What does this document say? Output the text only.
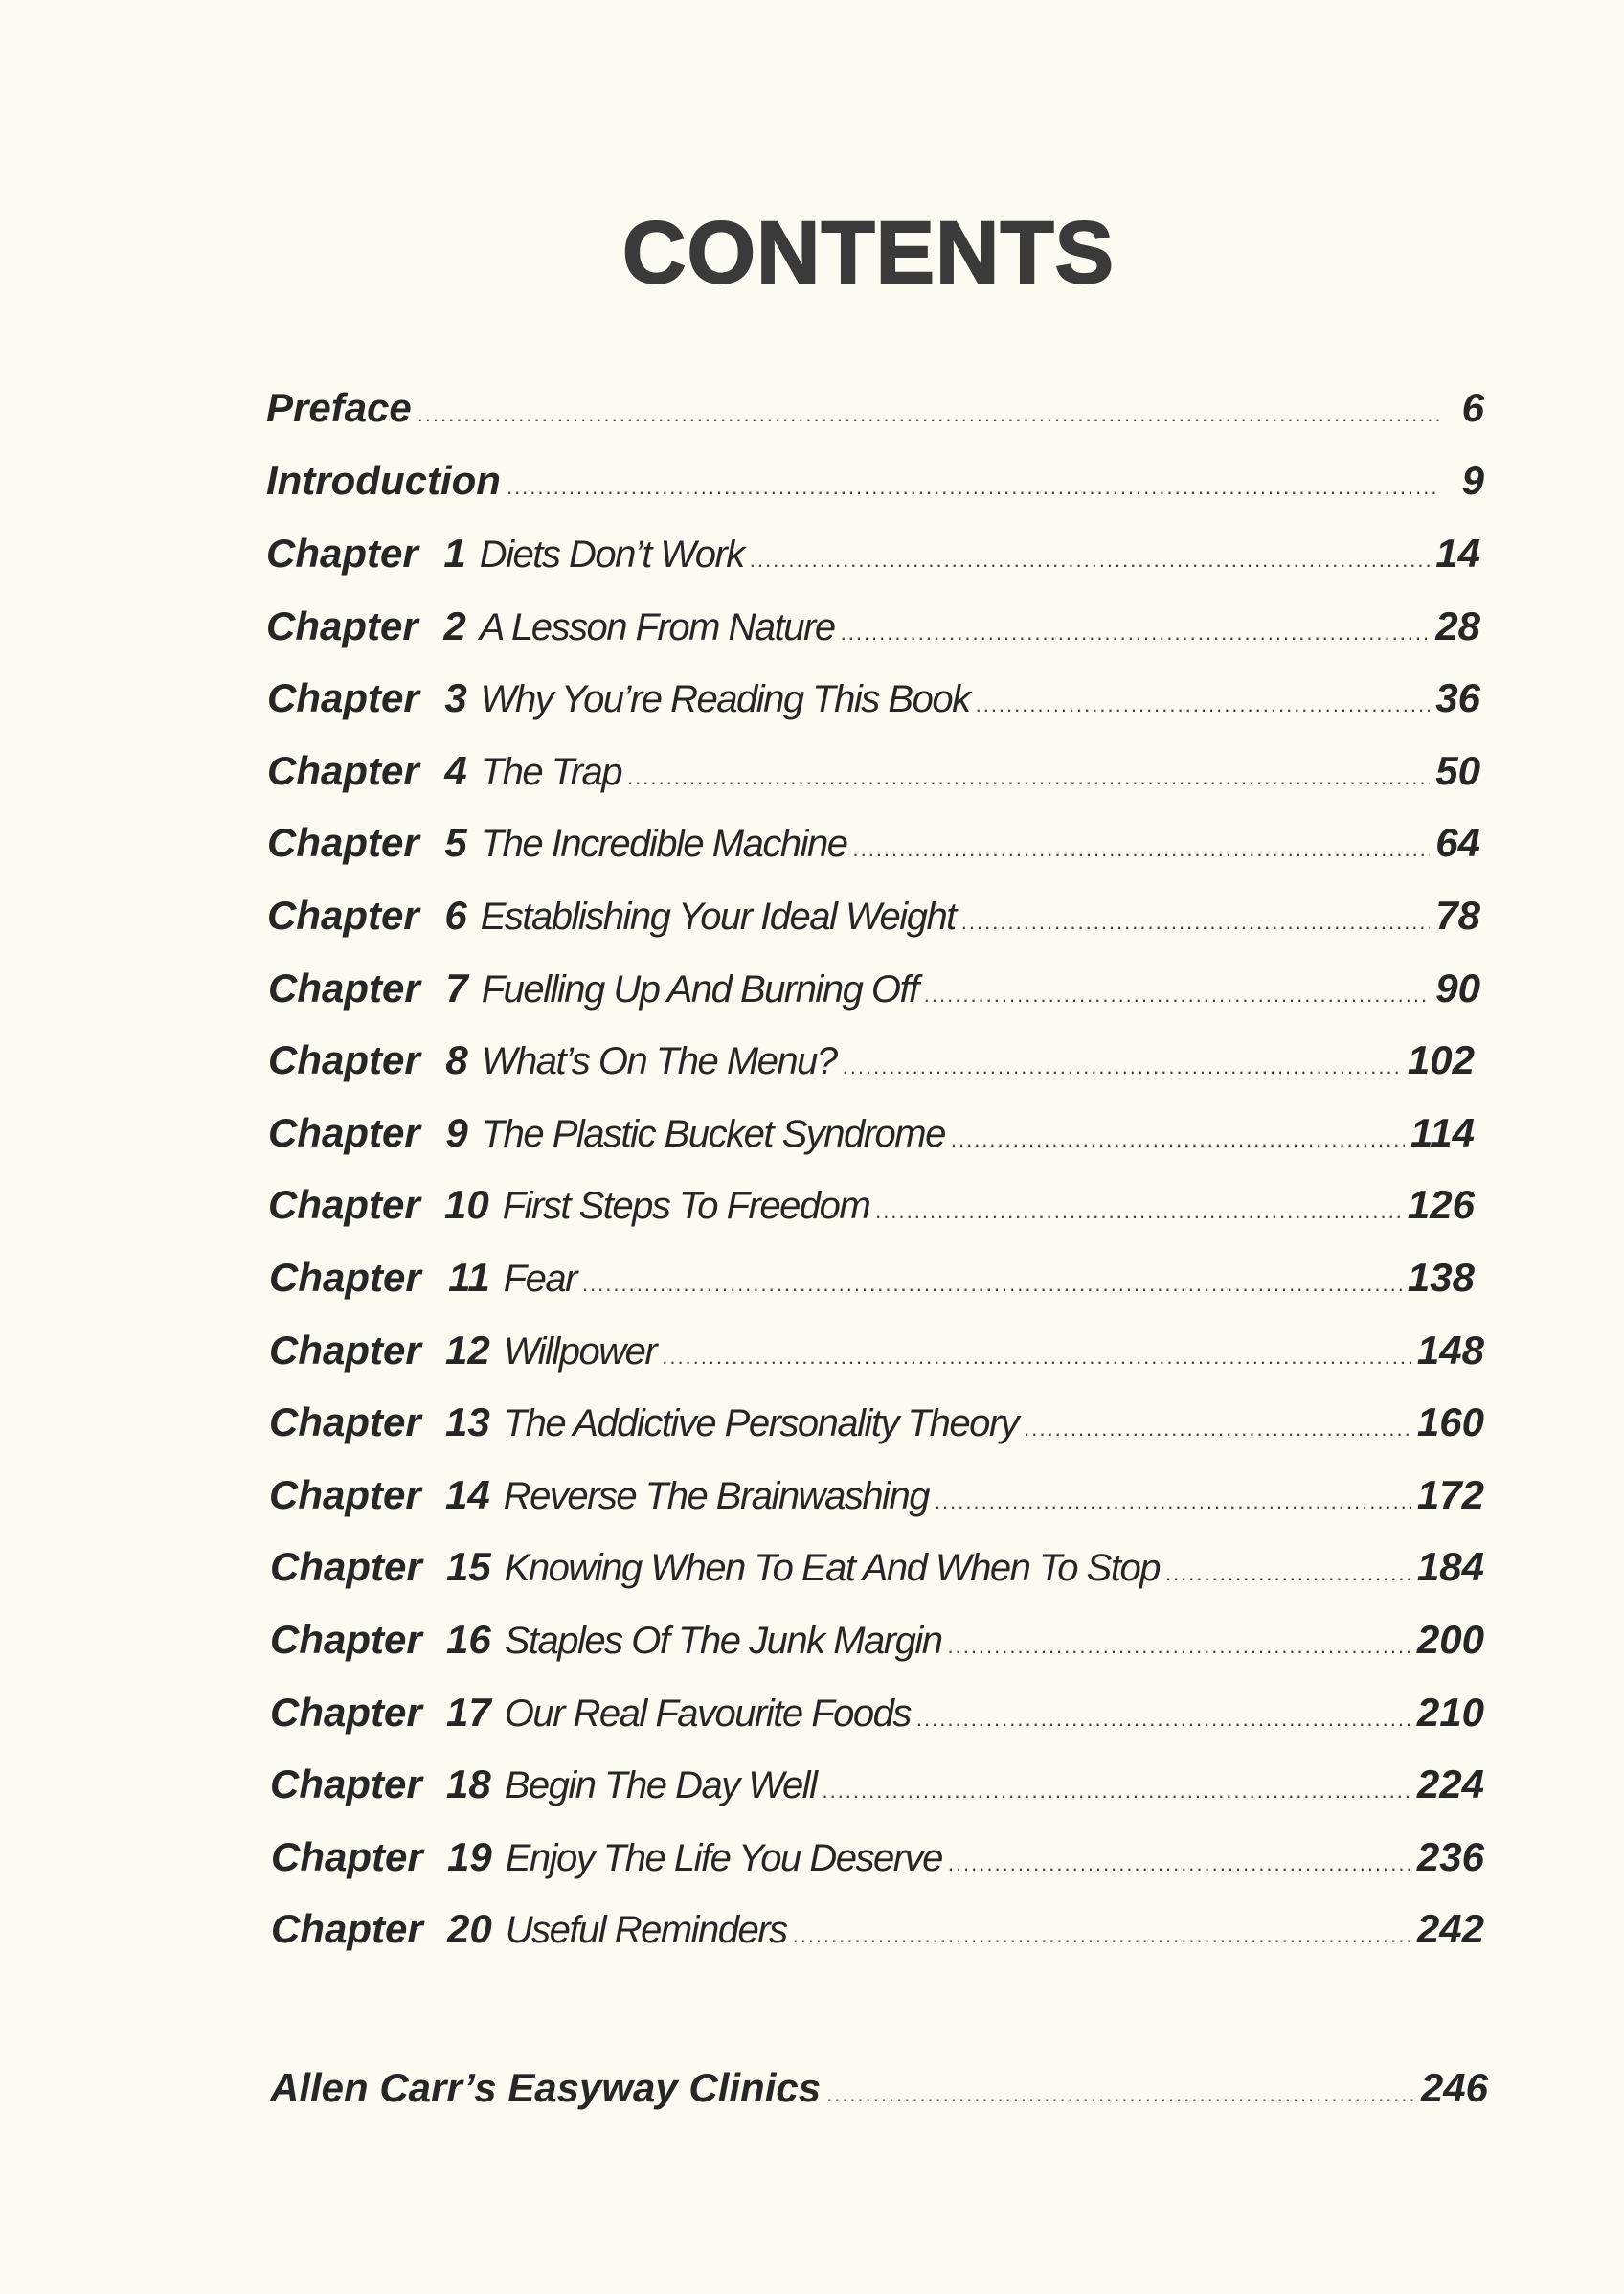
CONTENTS
Preface .....	6
Introduction .....	9
Chapter 1 Diets Don’t Work .....	14
Chapter 2 A Lesson From Nature .....	28
Chapter 3 Why You’re Reading This Book .....	36
Chapter 4 The Trap .....	50
Chapter 5 The Incredible Machine .....	64
Chapter 6 Establishing Your Ideal Weight .....	78
Chapter 7 Fuelling Up And Burning Off .....	90
Chapter 8 What’s On The Menu? .....	102
Chapter 9 The Plastic Bucket Syndrome .....	114
Chapter 10 First Steps To Freedom .....	126
Chapter 11 Fear .....	138
Chapter 12 Willpower .....	148
Chapter 13 The Addictive Personality Theory .....	160
Chapter 14 Reverse The Brainwashing .....	172
Chapter 15 Knowing When To Eat And When To Stop .....	184
Chapter 16 Staples Of The Junk Margin .....	200
Chapter 17 Our Real Favourite Foods .....	210
Chapter 18 Begin The Day Well .....	224
Chapter 19 Enjoy The Life You Deserve .....	236
Chapter 20 Useful Reminders .....	242
Allen Carr’s Easyway Clinics .....	246
